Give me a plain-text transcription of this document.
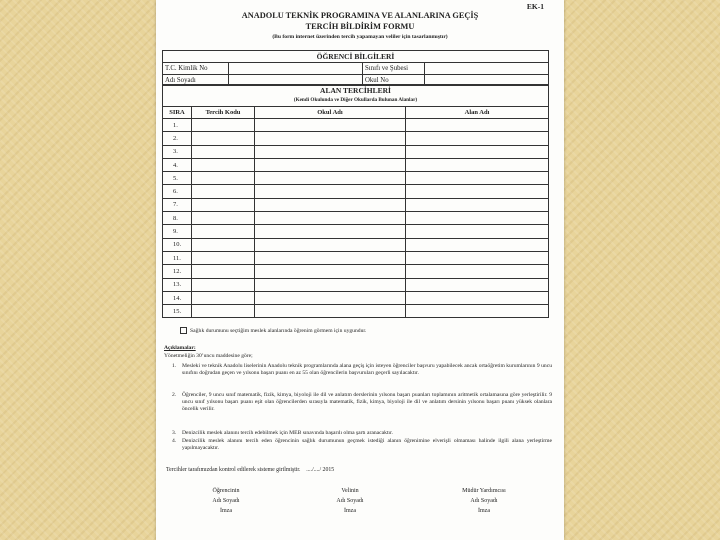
EK-1
ANADOLU TEKNİK PROGRAMINA VE ALANLARINA GEÇİŞ
TERCİH BİLDİRİM FORMU
(Bu form internet üzerinden tercih yapamayan veliler için tasarlanmıştır)
ÖĞRENCİ BİLGİLERİ
T.C. Kimlik No	Sınıfı ve Şubesi
Adı Soyadı	Okul No
ALAN TERCİHLERİ
(Kendi Okulunda ve Diğer Okullarda Bulunan Alanlar)
SIRA	Tercih Kodu	Okul Adı	Alan Adı
1.			
2.			
3.			
4.			
5.			
6.			
7.			
8.			
9.			
10.			
11.			
12.			
13.			
14.			
15.			
Sağlık durumunu seçtiğim meslek alanlarında öğrenim görmem için uygundur.
Açıklamalar:
Yönetmeliğin 30’uncu maddesine göre;
1. Mesleki ve teknik Anadolu liselerinin Anadolu teknik programlarında alana geçiş için isteyen öğrenciler başvuru yapabilecek ancak ortaöğretim kurumlarının 9 uncu sınıfını doğrudan geçen ve yılsonu başarı puanı en az 55 olan öğrencilerin başvuruları geçerli sayılacaktır.
2. Öğrenciler, 9 uncu sınıf matematik, fizik, kimya, biyoloji ile dil ve anlatım derslerinin yılsonu başarı puanları toplamının aritmetik ortalamasına göre yerleştirilir. 9 uncu sınıf yılsonu başarı puanı eşit olan öğrencilerden sırasıyla matematik, fizik, kimya, biyoloji ile dil ve anlatım dersinin yılsonu başarı puanı yüksek olanlara öncelik verilir.
3. Denizcilik meslek alanını tercih edebilmek için MEB sınavında başarılı olma şartı aranacaktır.
4. Denizcilik meslek alanını tercih eden öğrencinin sağlık durumunun geçmek istediği alanın öğrenimine elverişli olmaması halinde ilgili alana yerleştirme yapılmayacaktır.
Tercihler tarafımızdan kontrol edilerek sisteme girilmiştir.    ..../..../ 2015
Öğrencinin
Adı Soyadı
İmza
Velinin
Adı Soyadı
İmza
Müdür Yardımcısı
Adı Soyadı
İmza
